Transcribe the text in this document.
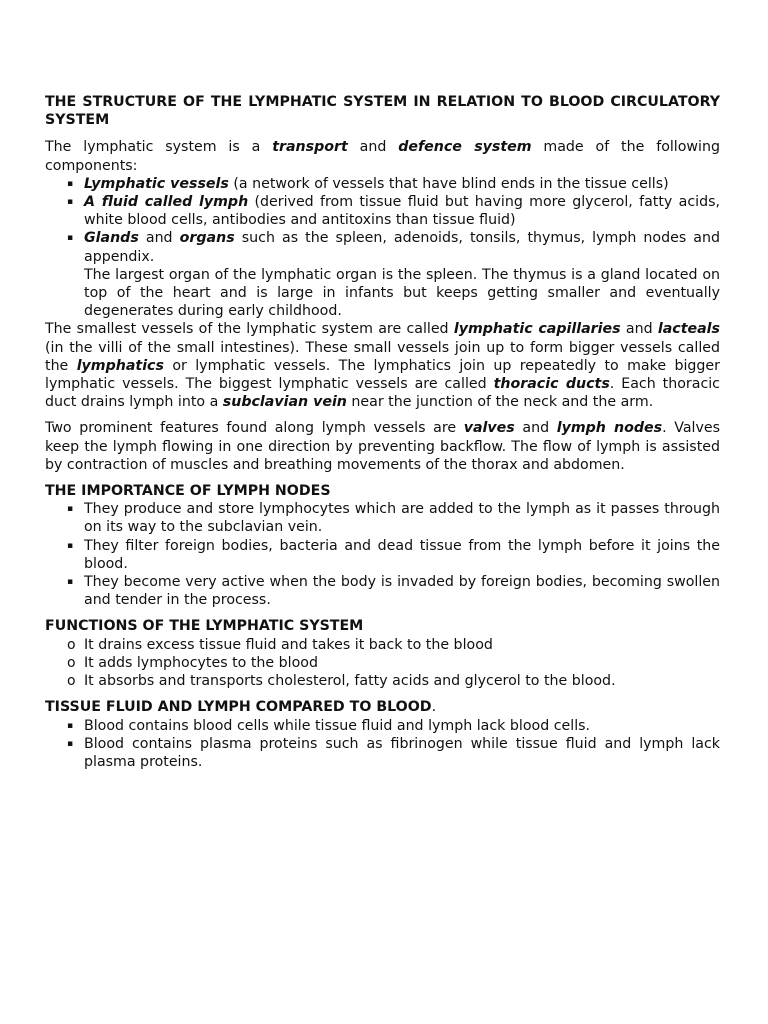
THE STRUCTURE OF THE LYMPHATIC SYSTEM IN RELATION TO BLOOD CIRCULATORY SYSTEM

The lymphatic system is a transport and defence system made of the following components:

▪ Lymphatic vessels (a network of vessels that have blind ends in the tissue cells)
▪ A fluid called lymph (derived from tissue fluid but having more glycerol, fatty acids, white blood cells, antibodies and antitoxins than tissue fluid)
▪ Glands and organs such as the spleen, adenoids, tonsils, thymus, lymph nodes and appendix.

The largest organ of the lymphatic organ is the spleen. The thymus is a gland located on top of the heart and is large in infants but keeps getting smaller and eventually degenerates during early childhood.

The smallest vessels of the lymphatic system are called lymphatic capillaries and lacteals (in the villi of the small intestines). These small vessels join up to form bigger vessels called the lymphatics or lymphatic vessels. The lymphatics join up repeatedly to make bigger lymphatic vessels. The biggest lymphatic vessels are called thoracic ducts. Each thoracic duct drains lymph into a subclavian vein near the junction of the neck and the arm.

Two prominent features found along lymph vessels are valves and lymph nodes. Valves keep the lymph flowing in one direction by preventing backflow. The flow of lymph is assisted by contraction of muscles and breathing movements of the thorax and abdomen.

THE IMPORTANCE OF LYMPH NODES

▪ They produce and store lymphocytes which are added to the lymph as it passes through on its way to the subclavian vein.
▪ They filter foreign bodies, bacteria and dead tissue from the lymph before it joins the blood.
▪ They become very active when the body is invaded by foreign bodies, becoming swollen and tender in the process.

FUNCTIONS OF THE LYMPHATIC SYSTEM

o It drains excess tissue fluid and takes it back to the blood
o It adds lymphocytes to the blood
o It absorbs and transports cholesterol, fatty acids and glycerol to the blood.

TISSUE FLUID AND LYMPH COMPARED TO BLOOD.

▪ Blood contains blood cells while tissue fluid and lymph lack blood cells.
▪ Blood contains plasma proteins such as fibrinogen while tissue fluid and lymph lack plasma proteins.
